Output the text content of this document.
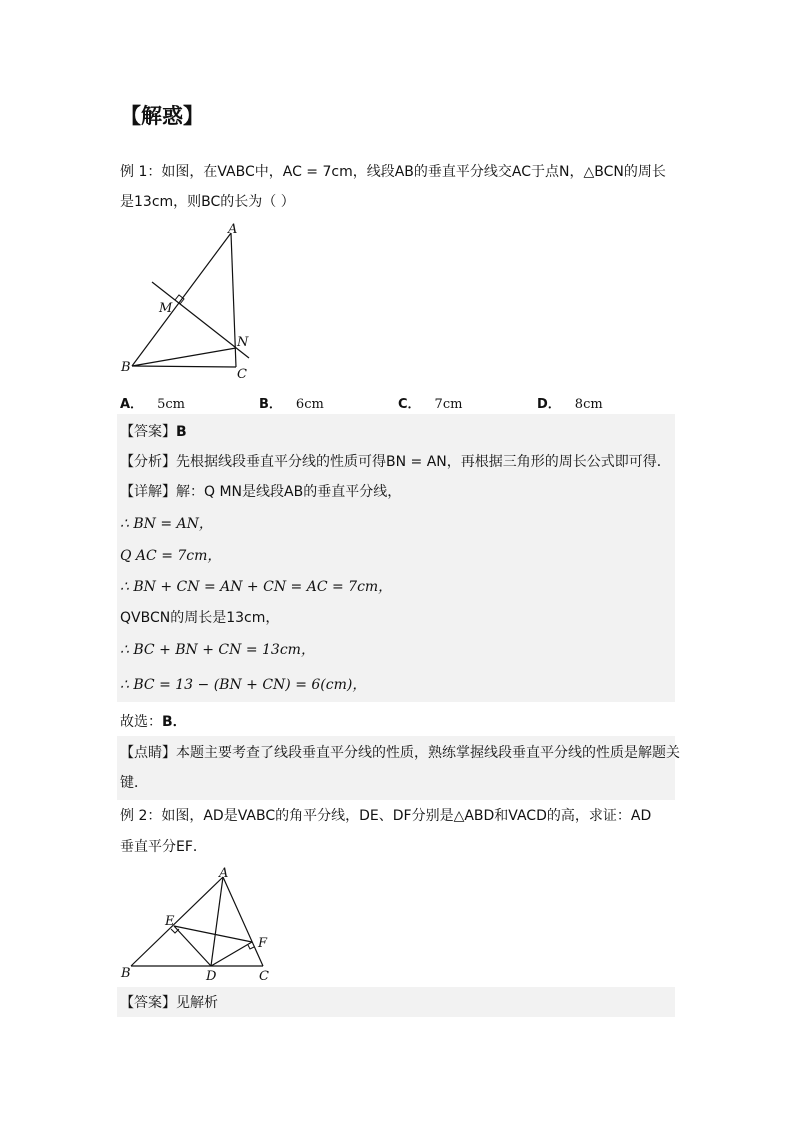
【解惑】
例 1：如图，在VABC中，AC = 7cm，线段AB的垂直平分线交AC于点N，△BCN的周长
是13cm，则BC的长为（ ）
A
B	C
M
N
A． 5cm	B． 6cm	C． 7cm	D． 8cm
【答案】B
【分析】先根据线段垂直平分线的性质可得BN = AN，再根据三角形的周长公式即可得．
【详解】解：Q MN是线段AB的垂直平分线，
∴ BN = AN，
Q AC = 7cm，
∴ BN + CN = AN + CN = AC = 7cm，
QVBCN的周长是13cm，
∴ BC + BN + CN = 13cm，
∴ BC = 13 − (BN + CN) = 6(cm)，
故选：B．
【点睛】本题主要考查了线段垂直平分线的性质，熟练掌握线段垂直平分线的性质是解题关
键．
例 2：如图，AD是VABC的角平分线，DE、DF分别是△ABD和VACD的高，求证：AD
垂直平分EF．
A
B	C
D
E
F
【答案】见解析
